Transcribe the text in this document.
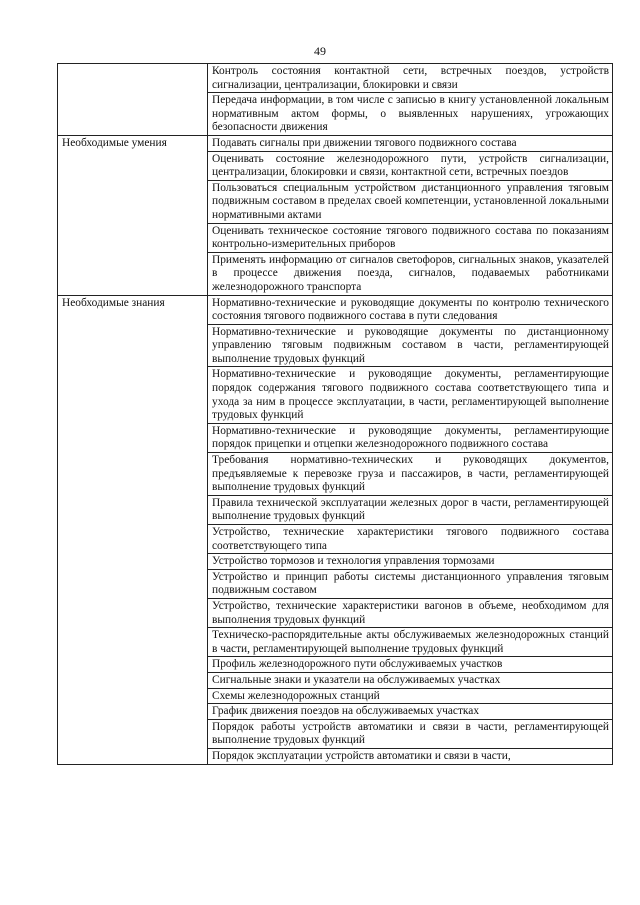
49
	Контроль состояния контактной сети, встречных поездов, устройств сигнализации, централизации, блокировки и связи
	Передача информации, в том числе с записью в книгу установленной локальным нормативным актом формы, о выявленных нарушениях, угрожающих безопасности движения
Необходимые умения	Подавать сигналы при движении тягового подвижного состава
	Оценивать состояние железнодорожного пути, устройств сигнализации, централизации, блокировки и связи, контактной сети, встречных поездов
	Пользоваться специальным устройством дистанционного управления тяговым подвижным составом в пределах своей компетенции, установленной локальными нормативными актами
	Оценивать техническое состояние тягового подвижного состава по показаниям контрольно-измерительных приборов
	Применять информацию от сигналов светофоров, сигнальных знаков, указателей в процессе движения поезда, сигналов, подаваемых работниками железнодорожного транспорта
Необходимые знания	Нормативно-технические и руководящие документы по контролю технического состояния тягового подвижного состава в пути следования
	Нормативно-технические и руководящие документы по дистанционному управлению тяговым подвижным составом в части, регламентирующей выполнение трудовых функций
	Нормативно-технические и руководящие документы, регламентирующие порядок содержания тягового подвижного состава соответствующего типа и ухода за ним в процессе эксплуатации, в части, регламентирующей выполнение трудовых функций
	Нормативно-технические и руководящие документы, регламентирующие порядок прицепки и отцепки железнодорожного подвижного состава
	Требования нормативно-технических и руководящих документов, предъявляемые к перевозке груза и пассажиров, в части, регламентирующей выполнение трудовых функций
	Правила технической эксплуатации железных дорог в части, регламентирующей выполнение трудовых функций
	Устройство, технические характеристики тягового подвижного состава соответствующего типа
	Устройство тормозов и технология управления тормозами
	Устройство и принцип работы системы дистанционного управления тяговым подвижным составом
	Устройство, технические характеристики вагонов в объеме, необходимом для выполнения трудовых функций
	Техническо-распорядительные акты обслуживаемых железнодорожных станций в части, регламентирующей выполнение трудовых функций
	Профиль железнодорожного пути обслуживаемых участков
	Сигнальные знаки и указатели на обслуживаемых участках
	Схемы железнодорожных станций
	График движения поездов на обслуживаемых участках
	Порядок работы устройств автоматики и связи в части, регламентирующей выполнение трудовых функций
	Порядок эксплуатации устройств автоматики и связи в части,
